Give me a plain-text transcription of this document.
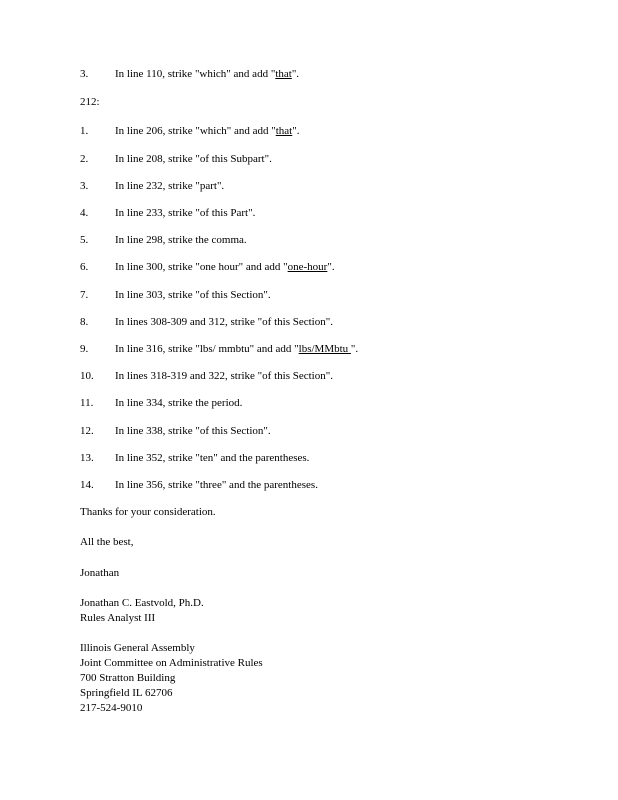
3. In line 110, strike "which" and add "that".
212:
1. In line 206, strike "which" and add "that".
2. In line 208, strike "of this Subpart".
3. In line 232, strike "part".
4. In line 233, strike "of this Part".
5. In line 298, strike the comma.
6. In line 300, strike "one hour" and add "one-hour".
7. In line 303, strike "of this Section".
8. In lines 308-309 and 312, strike "of this Section".
9. In line 316, strike "lbs/ mmbtu" and add "lbs/MMbtu ".
10. In lines 318-319 and 322, strike "of this Section".
11. In line 334, strike the period.
12. In line 338, strike "of this Section".
13. In line 352, strike "ten" and the parentheses.
14. In line 356, strike "three" and the parentheses.
Thanks for your consideration.
All the best,
Jonathan
Jonathan C. Eastvold, Ph.D.
Rules Analyst III
Illinois General Assembly
Joint Committee on Administrative Rules
700 Stratton Building
Springfield IL 62706
217-524-9010
